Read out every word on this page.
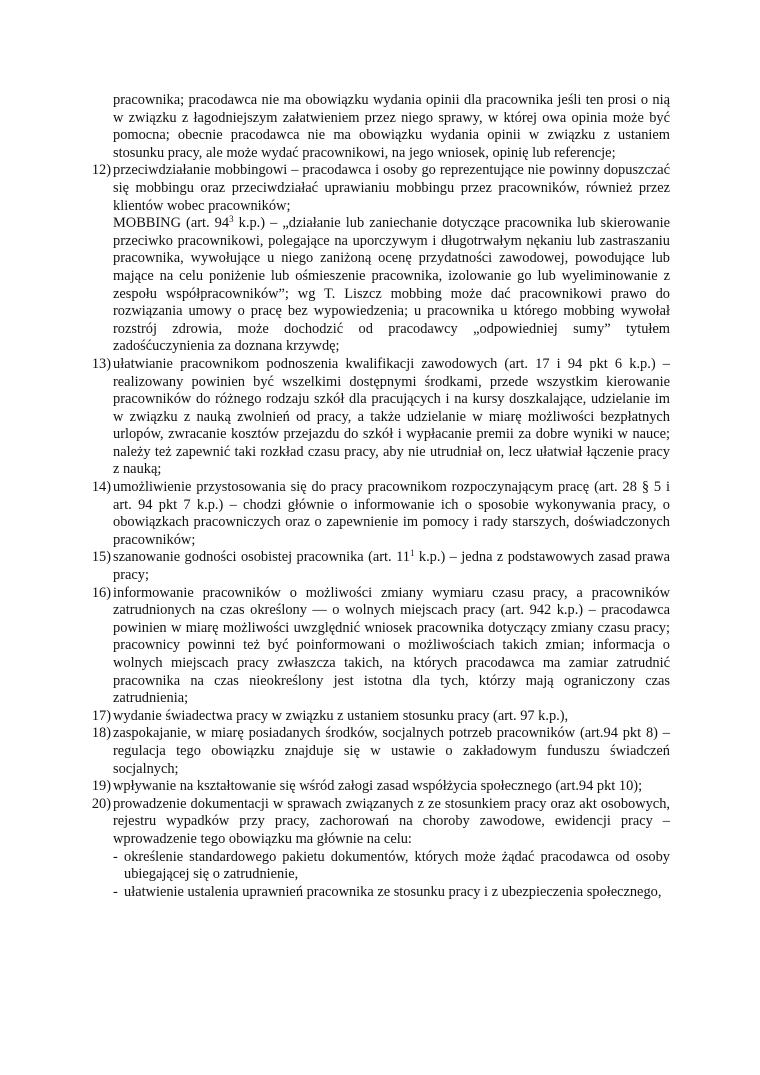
pracownika; pracodawca nie ma obowiązku wydania opinii dla pracownika jeśli ten prosi o nią w związku z łagodniejszym załatwieniem przez niego sprawy, w której owa opinia może być pomocna; obecnie pracodawca nie ma obowiązku wydania opinii w związku z ustaniem stosunku pracy, ale może wydać pracownikowi, na jego wniosek, opinię lub referencje;

12) przeciwdziałanie mobbingowi – pracodawca i osoby go reprezentujące nie powinny dopuszczać się mobbingu oraz przeciwdziałać uprawianiu mobbingu przez pracowników, również przez klientów wobec pracowników;

MOBBING (art. $94^3$ k.p.) – „działanie lub zaniechanie dotyczące pracownika lub skierowanie przeciwko pracownikowi, polegające na uporczywym i długotrwałym nękaniu lub zastraszaniu pracownika, wywołujące u niego zaniżoną ocenę przydatności zawodowej, powodujące lub mające na celu poniżenie lub ośmieszenie pracownika, izolowanie go lub wyeliminowanie z zespołu współpracowników”; wg T. Liszcz mobbing może dać pracownikowi prawo do rozwiązania umowy o pracę bez wypowiedzenia; u pracownika u którego mobbing wywołał rozstrój zdrowia, może dochodzić od pracodawcy „odpowiedniej sumy” tytułem zadośćuczynienia za doznana krzywdę;

13) ułatwianie pracownikom podnoszenia kwalifikacji zawodowych (art. 17 i 94 pkt 6 k.p.) – realizowany powinien być wszelkimi dostępnymi środkami, przede wszystkim kierowanie pracowników do różnego rodzaju szkół dla pracujących i na kursy doszkalające, udzielanie im w związku z nauką zwolnień od pracy, a także udzielanie w miarę możliwości bezpłatnych urlopów, zwracanie kosztów przejazdu do szkół i wypłacanie premii za dobre wyniki w nauce; należy też zapewnić taki rozkład czasu pracy, aby nie utrudniał on, lecz ułatwiał łączenie pracy z nauką;

14) umożliwienie przystosowania się do pracy pracownikom rozpoczynającym pracę (art. 28 § 5 i art. 94 pkt 7 k.p.) – chodzi głównie o informowanie ich o sposobie wykonywania pracy, o obowiązkach pracowniczych oraz o zapewnienie im pomocy i rady starszych, doświadczonych pracowników;

15) szanowanie godności osobistej pracownika (art. $11^1$ k.p.) – jedna z podstawowych zasad prawa pracy;

16) informowanie pracowników o możliwości zmiany wymiaru czasu pracy, a pracowników zatrudnionych na czas określony — o wolnych miejscach pracy (art. 942 k.p.) – pracodawca powinien w miarę możliwości uwzględnić wniosek pracownika dotyczący zmiany czasu pracy; pracownicy powinni też być poinformowani o możliwościach takich zmian; informacja o wolnych miejscach pracy zwłaszcza takich, na których pracodawca ma zamiar zatrudnić pracownika na czas nieokreślony jest istotna dla tych, którzy mają ograniczony czas zatrudnienia;

17) wydanie świadectwa pracy w związku z ustaniem stosunku pracy (art. 97 k.p.),

18) zaspokajanie, w miarę posiadanych środków, socjalnych potrzeb pracowników (art.94 pkt 8) – regulacja tego obowiązku znajduje się w ustawie o zakładowym funduszu świadczeń socjalnych;

19) wpływanie na kształtowanie się wśród załogi zasad współżycia społecznego (art.94 pkt 10);

20) prowadzenie dokumentacji w sprawach związanych z ze stosunkiem pracy oraz akt osobowych, rejestru wypadków przy pracy, zachorowań na choroby zawodowe, ewidencji pracy – wprowadzenie tego obowiązku ma głównie na celu:

- określenie standardowego pakietu dokumentów, których może żądać pracodawca od osoby ubiegającej się o zatrudnienie,
- ułatwienie ustalenia uprawnień pracownika ze stosunku pracy i z ubezpieczenia społecznego,
